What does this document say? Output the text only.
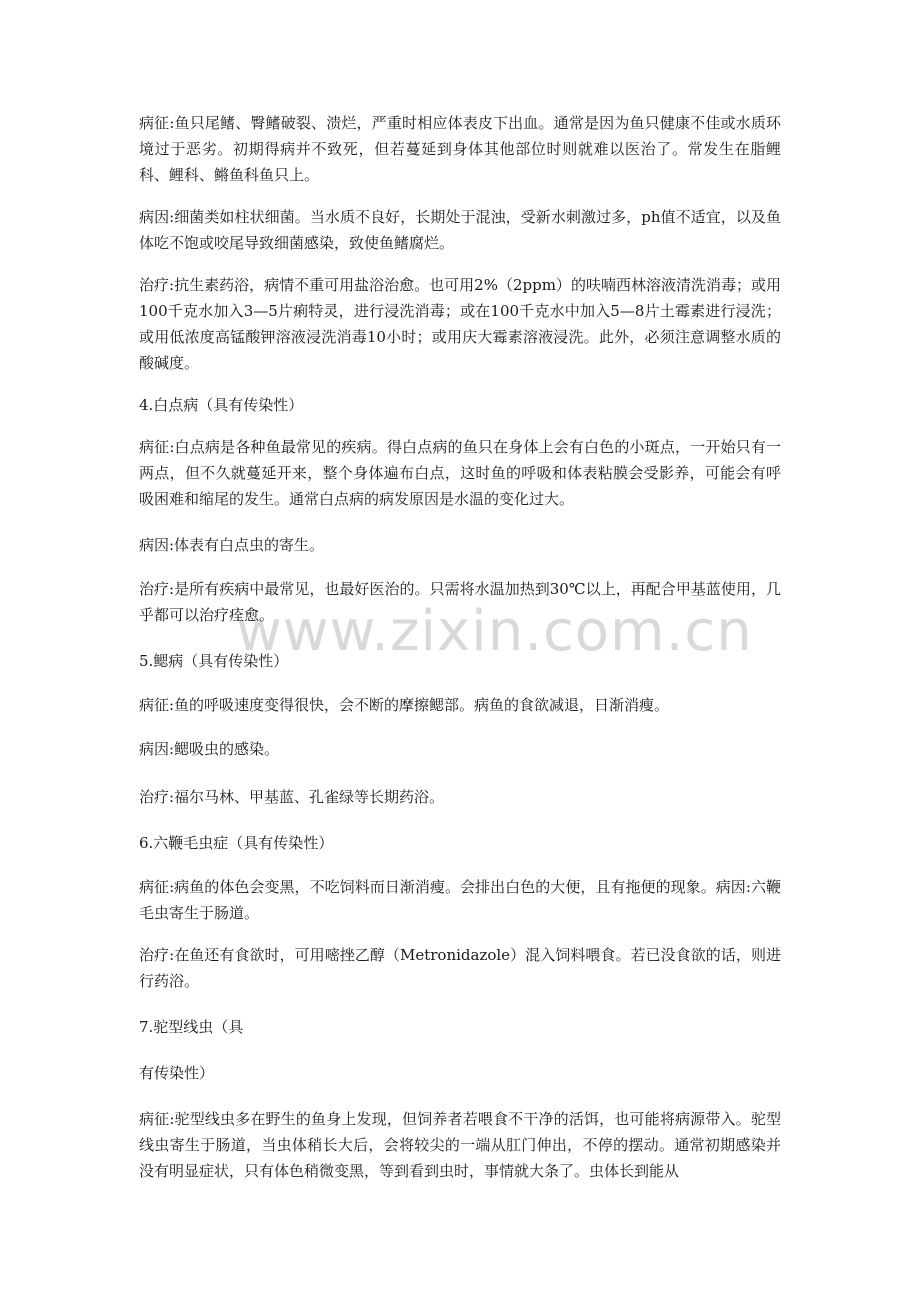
www.zixin.com.cn

病征:鱼只尾鳍、臀鳍破裂、溃烂，严重时相应体表皮下出血。通常是因为鱼只健康不佳或水质环境过于恶劣。初期得病并不致死，但若蔓延到身体其他部位时则就难以医治了。常发生在脂鲤科、鲤科、鳉鱼科鱼只上。

病因:细菌类如柱状细菌。当水质不良好，长期处于混浊，受新水刺激过多，ph值不适宜，以及鱼体吃不饱或咬尾导致细菌感染，致使鱼鳍腐烂。

治疗:抗生素药浴，病情不重可用盐浴治愈。也可用2%（2ppm）的呋喃西林溶液清洗消毒；或用100千克水加入3—5片痢特灵，进行浸洗消毒；或在100千克水中加入5—8片土霉素进行浸洗；或用低浓度高锰酸钾溶液浸洗消毒10小时；或用庆大霉素溶液浸洗。此外，必须注意调整水质的酸碱度。

4.白点病（具有传染性）

病征:白点病是各种鱼最常见的疾病。得白点病的鱼只在身体上会有白色的小斑点，一开始只有一两点，但不久就蔓延开来，整个身体遍布白点，这时鱼的呼吸和体表粘膜会受影养，可能会有呼吸困难和缩尾的发生。通常白点病的病发原因是水温的变化过大。

病因:体表有白点虫的寄生。

治疗:是所有疾病中最常见，也最好医治的。只需将水温加热到30℃以上，再配合甲基蓝使用，几乎都可以治疗痊愈。

5.鳃病（具有传染性）

病征:鱼的呼吸速度变得很快，会不断的摩擦鳃部。病鱼的食欲减退，日渐消瘦。

病因:鳃吸虫的感染。

治疗:福尔马林、甲基蓝、孔雀绿等长期药浴。

6.六鞭毛虫症（具有传染性）

病征:病鱼的体色会变黑，不吃饲料而日渐消瘦。会排出白色的大便，且有拖便的现象。病因:六鞭毛虫寄生于肠道。

治疗:在鱼还有食欲时，可用嘧挫乙醇（Metronidazole）混入饲料喂食。若已没食欲的话，则进行药浴。

7.驼型线虫（具

有传染性）

病征:驼型线虫多在野生的鱼身上发现，但饲养者若喂食不干净的活饵，也可能将病源带入。驼型线虫寄生于肠道，当虫体稍长大后，会将较尖的一端从肛门伸出，不停的摆动。通常初期感染并没有明显症状，只有体色稍微变黑，等到看到虫时，事情就大条了。虫体长到能从
